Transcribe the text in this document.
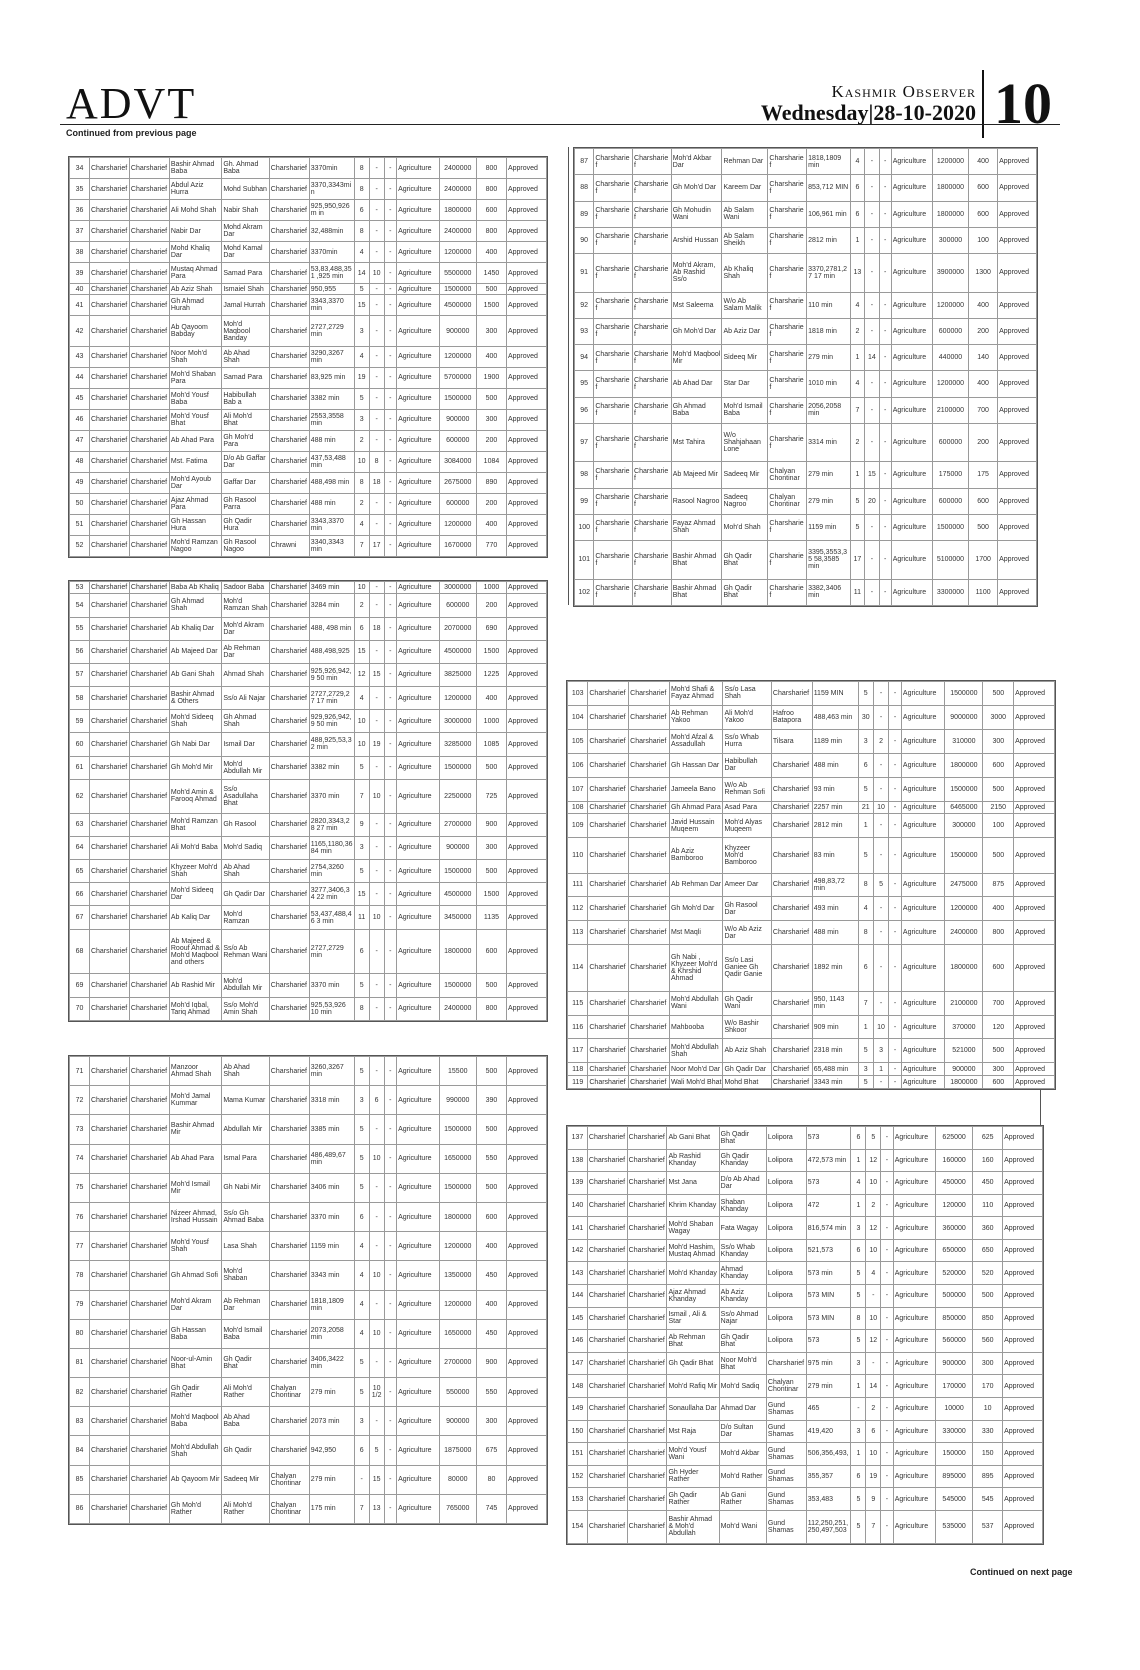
ADVT	Kashmir Observer
Wednesday|28-10-2020 10
Continued from previous page
Continued on next page
34	Charsharief	Charsharief	Bashir Ahmad Baba	Gh. Ahmad Baba	Charsharief	3370min	8	-	-	Agriculture	2400000	800	Approved
35	Charsharief	Charsharief	Abdul Aziz Hurra	Mohd Subhan	Charsharief	3370,3343min	8	-	-	Agriculture	2400000	800	Approved
36	Charsharief	Charsharief	Ali Mohd Shah	Nabir Shah	Charsharief	925,950,926m in	6	-	-	Agriculture	1800000	600	Approved
37	Charsharief	Charsharief	Nabir Dar	Mohd Akram Dar	Charsharief	32,488min	8	-	-	Agriculture	2400000	800	Approved
38	Charsharief	Charsharief	Mohd Khaliq Dar	Mohd Kamal Dar	Charsharief	3370min	4	-	-	Agriculture	1200000	400	Approved
39	Charsharief	Charsharief	Mustaq Ahmad Para	Samad Para	Charsharief	53,83,488,351 ,925 min	14	10	-	Agriculture	5500000	1450	Approved
40	Charsharief	Charsharief	Ab Aziz Shah	Ismaiel Shah	Charsharief	950,955	5	-	-	Agriculture	1500000	500	Approved
41	Charsharief	Charsharief	Gh Ahmad Hurah	Jamal Hurrah	Charsharief	3343,3370 min	15	-	-	Agriculture	4500000	1500	Approved
42	Charsharief	Charsharief	Ab Qayoom Babday	Moh'd Maqbool Banday	Charsharief	2727,2729 min	3	-	-	Agriculture	900000	300	Approved
43	Charsharief	Charsharief	Noor Moh'd Shah	Ab Ahad Shah	Charsharief	3290,3267 min	4	-	-	Agriculture	1200000	400	Approved
44	Charsharief	Charsharief	Moh'd Shaban Para	Samad Para	Charsharief	83,925 min	19	-	-	Agriculture	5700000	1900	Approved
45	Charsharief	Charsharief	Moh'd Yousf Baba	Habibullah Bab a	Charsharief	3382 min	5	-	-	Agriculture	1500000	500	Approved
46	Charsharief	Charsharief	Moh'd Yousf Bhat	Ali Moh'd Bhat	Charsharief	2553,3558 min	3	-	-	Agriculture	900000	300	Approved
47	Charsharief	Charsharief	Ab Ahad Para	Gh Moh'd Para	Charsharief	488 min	2	-	-	Agriculture	600000	200	Approved
48	Charsharief	Charsharief	Mst. Fatima	D/o Ab Gaffar Dar	Charsharief	437,53,488 min	10	8	-	Agriculture	3084000	1084	Approved
49	Charsharief	Charsharief	Moh'd Ayoub Dar	Gaffar Dar	Charsharief	488,498 min	8	18	-	Agriculture	2675000	890	Approved
50	Charsharief	Charsharief	Ajaz Ahmad Para	Gh Rasool Parra	Charsharief	488 min	2	-	-	Agriculture	600000	200	Approved
51	Charsharief	Charsharief	Gh Hassan Hura	Gh Qadir Hura	Charsharief	3343,3370 min	4	-	-	Agriculture	1200000	400	Approved
52	Charsharief	Charsharief	Moh'd Ramzan Nagoo	Gh Rasool Nagoo	Chrawni	3340,3343 min	7	17	-	Agriculture	1670000	770	Approved
53	Charsharief	Charsharief	Baba Ab Khaliq	Sadoor Baba	Charsharief	3469 min	10	-	-	Agriculture	3000000	1000	Approved
54	Charsharief	Charsharief	Gh Ahmad Shah	Moh'd Ramzan Shah	Charsharief	3284 min	2	-	-	Agriculture	600000	200	Approved
55	Charsharief	Charsharief	Ab Khaliq Dar	Moh'd Akram Dar	Charsharief	488, 498 min	6	18	-	Agriculture	2070000	690	Approved
56	Charsharief	Charsharief	Ab Majeed Dar	Ab Rehman Dar	Charsharief	488,498,925	15	-	-	Agriculture	4500000	1500	Approved
57	Charsharief	Charsharief	Ab Gani Shah	Ahmad Shah	Charsharief	925,926,942,9 50 min	12	15	-	Agriculture	3825000	1225	Approved
58	Charsharief	Charsharief	Bashir Ahmad & Others	Ss/o Ali Najar	Charsharief	2727,2729,27 17 min	4	-	-	Agriculture	1200000	400	Approved
59	Charsharief	Charsharief	Moh'd Sideeq Shah	Gh Ahmad Shah	Charsharief	929,926,942,9 50 min	10	-	-	Agriculture	3000000	1000	Approved
60	Charsharief	Charsharief	Gh Nabi Dar	Ismail Dar	Charsharief	488,925,53,32 min	10	19	-	Agriculture	3285000	1085	Approved
61	Charsharief	Charsharief	Gh Moh'd Mir	Moh'd Abdullah Mir	Charsharief	3382 min	5	-	-	Agriculture	1500000	500	Approved
62	Charsharief	Charsharief	Moh'd Amin & Farooq Ahmad	Ss/o Asadullaha Bhat	Charsharief	3370 min	7	10	-	Agriculture	2250000	725	Approved
63	Charsharief	Charsharief	Moh'd Ramzan Bhat	Gh Rasool	Charsharief	2820,3343,28 27 min	9	-	-	Agriculture	2700000	900	Approved
64	Charsharief	Charsharief	Ali Moh'd Baba	Moh'd Sadiq	Charsharief	1165,1180,36 84 min	3	-	-	Agriculture	900000	300	Approved
65	Charsharief	Charsharief	Khyzeer Moh'd Shah	Ab Ahad Shah	Charsharief	2754,3260 min	5	-	-	Agriculture	1500000	500	Approved
66	Charsharief	Charsharief	Moh'd Sideeq Dar	Gh Qadir Dar	Charsharief	3277,3406,34 22 min	15	-	-	Agriculture	4500000	1500	Approved
67	Charsharief	Charsharief	Ab Kaliq Dar	Moh'd Ramzan	Charsharief	53,437,488,46 3 min	11	10	-	Agriculture	3450000	1135	Approved
68	Charsharief	Charsharief	Ab Majeed & Roouf Ahmad & Moh'd Maqbool and others	Ss/o Ab Rehman Wani	Charsharief	2727,2729 min	6	-	-	Agriculture	1800000	600	Approved
69	Charsharief	Charsharief	Ab Rashid Mir	Moh'd Abdullah Mir	Charsharief	3370 min	5	-	-	Agriculture	1500000	500	Approved
70	Charsharief	Charsharief	Moh'd Iqbal, Tariq Ahmad	Ss/o Moh'd Amin Shah	Charsharief	925,53,926 10 min	8	-	-	Agriculture	2400000	800	Approved
71	Charsharief	Charsharief	Manzoor Ahmad Shah	Ab Ahad Shah	Charsharief	3260,3267 min	5	-	-	Agriculture	15500	500	Approved
72	Charsharief	Charsharief	Moh'd Jamal Kummar	Mama Kumar	Charsharief	3318 min	3	6	-	Agriculture	990000	390	Approved
73	Charsharief	Charsharief	Bashir Ahmad Mir	Abdullah Mir	Charsharief	3385 min	5	-	-	Agriculture	1500000	500	Approved
74	Charsharief	Charsharief	Ab Ahad Para	Ismal Para	Charsharief	486,489,67 min	5	10	-	Agriculture	1650000	550	Approved
75	Charsharief	Charsharief	Moh'd Ismail Mir	Gh Nabi Mir	Charsharief	3406 min	5	-	-	Agriculture	1500000	500	Approved
76	Charsharief	Charsharief	Nizeer Ahmad, Irshad Hussain	Ss/o Gh Ahmad Baba	Charsharief	3370 min	6	-	-	Agriculture	1800000	600	Approved
77	Charsharief	Charsharief	Moh'd Yousf Shah	Lasa Shah	Charsharief	1159 min	4	-	-	Agriculture	1200000	400	Approved
78	Charsharief	Charsharief	Gh Ahmad Sofi	Moh'd Shaban	Charsharief	3343 min	4	10	-	Agriculture	1350000	450	Approved
79	Charsharief	Charsharief	Moh'd Akram Dar	Ab Rehman Dar	Charsharief	1818,1809 min	4	-	-	Agriculture	1200000	400	Approved
80	Charsharief	Charsharief	Gh Hassan Baba	Moh'd Ismail Baba	Charsharief	2073,2058 min	4	10	-	Agriculture	1650000	450	Approved
81	Charsharief	Charsharief	Noor-ul-Amin Bhat	Gh Qadir Bhat	Charsharief	3406,3422 min	5	-	-	Agriculture	2700000	900	Approved
82	Charsharief	Charsharief	Gh Qadir Rather	Ali Moh'd Rather	Chalyan Chontinar	279 min	5	10 1/2	-	Agriculture	550000	550	Approved
83	Charsharief	Charsharief	Moh'd Maqbool Baba	Ab Ahad Baba	Charsharief	2073 min	3	-	-	Agriculture	900000	300	Approved
84	Charsharief	Charsharief	Moh'd Abdullah Shah	Gh Qadir	Charsharief	942,950	6	5	-	Agriculture	1875000	675	Approved
85	Charsharief	Charsharief	Ab Qayoom Mir	Sadeeq Mir	Chalyan Chontinar	279 min	-	15	-	Agriculture	80000	80	Approved
86	Charsharief	Charsharief	Gh Moh'd Rather	Ali Moh'd Rather	Chalyan Chontinar	175 min	7	13	-	Agriculture	765000	745	Approved
87	Charsharief	Charsharief	Moh'd Akbar Dar	Rehman Dar	Charsharief	1818,1809 min	4	-	-	Agriculture	1200000	400	Approved
88	Charsharief	Charsharief	Gh Moh'd Dar	Kareem Dar	Charsharief	853,712 MIN	6	-	-	Agriculture	1800000	600	Approved
89	Charsharief	Charsharief	Gh Mohudin Wani	Ab Salam Wani	Charsharief	106,961 min	6	-	-	Agriculture	1800000	600	Approved
90	Charsharief	Charsharief	Arshid Hussan	Ab Salam Sheikh	Charsharief	2812 min	1	-	-	Agriculture	300000	100	Approved
91	Charsharief	Charsharief	Moh'd Akram, Ab Rashid Ss/o	Ab Khaliq Shah	Charsharief	3370,2781,27 17 min	13	-	-	Agriculture	3900000	1300	Approved
92	Charsharief	Charsharief	Mst Saleema	W/o Ab Salam Malik	Charsharief	110 min	4	-	-	Agriculture	1200000	400	Approved
93	Charsharief	Charsharief	Gh Moh'd Dar	Ab Aziz Dar	Charsharief	1818 min	2	-	-	Agriculture	600000	200	Approved
94	Charsharief	Charsharief	Moh'd Maqbool Mir	Sideeq Mir	Charsharief	279 min	1	14	-	Agriculture	440000	140	Approved
95	Charsharief	Charsharief	Ab Ahad Dar	Star Dar	Charsharief	1010 min	4	-	-	Agriculture	1200000	400	Approved
96	Charsharief	Charsharief	Gh Ahmad Baba	Moh'd Ismail Baba	Charsharief	2056,2058 min	7	-	-	Agriculture	2100000	700	Approved
97	Charsharief	Charsharief	Mst Tahira	W/o Shahjahaan Lone	Charsharief	3314 min	2	-	-	Agriculture	600000	200	Approved
98	Charsharief	Charsharief	Ab Majeed Mir	Sadeeq Mir	Chalyan Chontinar	279 min	1	15	-	Agriculture	175000	175	Approved
99	Charsharief	Charsharief	Rasool Nagroo	Sadeeq Nagroo	Chalyan Chontinar	279 min	5	20	-	Agriculture	600000	600	Approved
100	Charsharief	Charsharief	Fayaz Ahmad Shah	Moh'd Shah	Charsharief	1159 min	5	-	-	Agriculture	1500000	500	Approved
101	Charsharief	Charsharief	Bashir Ahmad Bhat	Gh Qadir Bhat	Charsharief	3395,3553,35 58,3585 min	17	-	-	Agriculture	5100000	1700	Approved
102	Charsharief	Charsharief	Bashir Ahmad Bhat	Gh Qadir Bhat	Charsharief	3382,3406 min	11	-	-	Agriculture	3300000	1100	Approved
103	Charsharief	Charsharief	Moh'd Shafi & Fayaz Ahmad	Ss/o Lasa Shah	Charsharief	1159 MIN	5	-	-	Agriculture	1500000	500	Approved
104	Charsharief	Charsharief	Ab Rehman Yakoo	Ali Moh'd Yakoo	Hafroo Batapora	488,463 min	30	-	-	Agriculture	9000000	3000	Approved
105	Charsharief	Charsharief	Moh'd Afzal & Assadullah	Ss/o Whab Hurra	Tilsara	1189 min	3	2	-	Agriculture	310000	300	Approved
106	Charsharief	Charsharief	Gh Hassan Dar	Habibullah Dar	Charsharief	488 min	6	-	-	Agriculture	1800000	600	Approved
107	Charsharief	Charsharief	Jameela Bano	W/o Ab Rehman Sofi	Charsharief	93 min	5	-	-	Agriculture	1500000	500	Approved
108	Charsharief	Charsharief	Gh Ahmad Para	Asad Para	Charsharief	2257 min	21	10	-	Agriculture	6465000	2150	Approved
109	Charsharief	Charsharief	Javid Hussain Muqeem	Moh'd Alyas Muqeem	Charsharief	2812 min	1	-	-	Agriculture	300000	100	Approved
110	Charsharief	Charsharief	Ab Aziz Bamboroo	Khyzeer Moh'd Bamboroo	Charsharief	83 min	5	-	-	Agriculture	1500000	500	Approved
111	Charsharief	Charsharief	Ab Rehman Dar	Ameer Dar	Charsharief	498,83,72 min	8	5	-	Agriculture	2475000	875	Approved
112	Charsharief	Charsharief	Gh Moh'd Dar	Gh Rasool Dar	Charsharief	493 min	4	-	-	Agriculture	1200000	400	Approved
113	Charsharief	Charsharief	Mst Maqli	W/o Ab Aziz Dar	Charsharief	488 min	8	-	-	Agriculture	2400000	800	Approved
114	Charsharief	Charsharief	Gh Nabi , Khyzeer Moh'd & Khrshid Ahmad	Ss/o Lasi Ganiee Gh Qadir Ganie	Charsharief	1892 min	6	-	-	Agriculture	1800000	600	Approved
115	Charsharief	Charsharief	Moh'd Abdullah Wani	Gh Qadir Wani	Charsharief	950, 1143 min	7	-	-	Agriculture	2100000	700	Approved
116	Charsharief	Charsharief	Mahbooba	W/o Bashir Shkoor	Charsharief	909 min	1	10	-	Agriculture	370000	120	Approved
117	Charsharief	Charsharief	Moh'd Abdullah Shah	Ab Aziz Shah	Charsharief	2318 min	5	3	-	Agriculture	521000	500	Approved
118	Charsharief	Charsharief	Noor Moh'd Dar	Gh Qadir Dar	Charsharief	65,488 min	3	1	-	Agriculture	900000	300	Approved
119	Charsharief	Charsharief	Wali Moh'd Bhat	Mohd Bhat	Charsharief	3343 min	5	-	-	Agriculture	1800000	600	Approved
137	Charsharief	Charsharief	Ab Gani Bhat	Gh Qadir Bhat	Lolipora	573	6	5	-	Agriculture	625000	625	Approved
138	Charsharief	Charsharief	Ab Rashid Khanday	Gh Qadir Khanday	Lolipora	472,573 min	1	12	-	Agriculture	160000	160	Approved
139	Charsharief	Charsharief	Mst Jana	D/o Ab Ahad Dar	Lolipora	573	4	10	-	Agriculture	450000	450	Approved
140	Charsharief	Charsharief	Khrim Khanday	Shaban Khanday	Lolipora	472	1	2	-	Agriculture	120000	110	Approved
141	Charsharief	Charsharief	Moh'd Shaban Wagay	Fata Wagay	Lolipora	816,574 min	3	12	-	Agriculture	360000	360	Approved
142	Charsharief	Charsharief	Moh'd Hashim, Mustaq Ahmad	Ss/o Whab Khanday	Lolipora	521,573	6	10	-	Agriculture	650000	650	Approved
143	Charsharief	Charsharief	Moh'd Khanday	Ahmad Khanday	Lolipora	573 min	5	4	-	Agriculture	520000	520	Approved
144	Charsharief	Charsharief	Ajaz Ahmad Khanday	Ab Aziz Khanday	Lolipora	573 MIN	5	-	-	Agriculture	500000	500	Approved
145	Charsharief	Charsharief	Ismail , Ali & Star	Ss/o Ahmad Najar	Lolipora	573 MIN	8	10	-	Agriculture	850000	850	Approved
146	Charsharief	Charsharief	Ab Rehman Bhat	Gh Qadir Bhat	Lolipora	573	5	12	-	Agriculture	560000	560	Approved
147	Charsharief	Charsharief	Gh Qadir Bhat	Noor Moh'd Bhat	Charsharief	975 min	3	-	-	Agriculture	900000	300	Approved
148	Charsharief	Charsharief	Moh'd Rafiq Mir	Moh'd Sadiq	Chalyan Chontinar	279 min	1	14	-	Agriculture	170000	170	Approved
149	Charsharief	Charsharief	Sonaullaha Dar	Ahmad Dar	Gund Shamas	465	-	2	-	Agriculture	10000	10	Approved
150	Charsharief	Charsharief	Mst Raja	D/o Sultan Dar	Gund Shamas	419,420	3	6	-	Agriculture	330000	330	Approved
151	Charsharief	Charsharief	Moh'd Yousf Wani	Moh'd Akbar	Gund Shamas	506,356,493,	1	10	-	Agriculture	150000	150	Approved
152	Charsharief	Charsharief	Gh Hyder Rather	Moh'd Rather	Gund Shamas	355,357	6	19	-	Agriculture	895000	895	Approved
153	Charsharief	Charsharief	Gh Qadir Rather	Ab Gani Rather	Gund Shamas	353,483	5	9	-	Agriculture	545000	545	Approved
154	Charsharief	Charsharief	Bashir Ahmad & Moh'd Abdullah	Moh'd Wani	Gund Shamas	112,250,251, 250,497,503	5	7	-	Agriculture	535000	537	Approved
